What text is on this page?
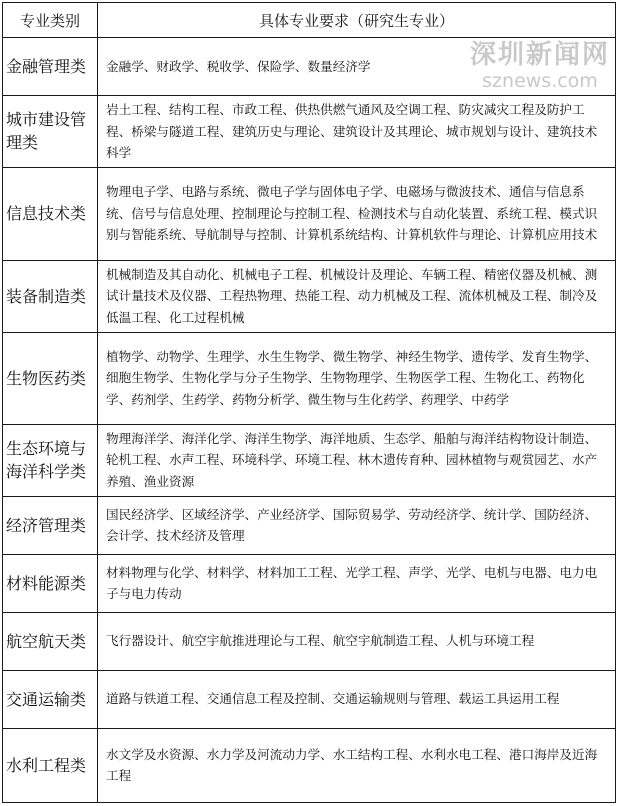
专业类别	具体专业要求（研究生专业）
金融管理类	金融学、财政学、税收学、保险学、数量经济学
城市建设管理类	岩土工程、结构工程、市政工程、供热供燃气通风及空调工程、防灾减灾工程及防护工程、桥梁与隧道工程、建筑历史与理论、建筑设计及其理论、城市规划与设计、建筑技术科学
信息技术类	物理电子学、电路与系统、微电子学与固体电子学、电磁场与微波技术、通信与信息系统、信号与信息处理、控制理论与控制工程、检测技术与自动化装置、系统工程、模式识别与智能系统、导航制导与控制、计算机系统结构、计算机软件与理论、计算机应用技术
装备制造类	机械制造及其自动化、机械电子工程、机械设计及理论、车辆工程、精密仪器及机械、测试计量技术及仪器、工程热物理、热能工程、动力机械及工程、流体机械及工程、制冷及低温工程、化工过程机械
生物医药类	植物学、动物学、生理学、水生生物学、微生物学、神经生物学、遗传学、发育生物学、细胞生物学、生物化学与分子生物学、生物物理学、生物医学工程、生物化工、药物化学、药剂学、生药学、药物分析学、微生物与生化药学、药理学、中药学
生态环境与海洋科学类	物理海洋学、海洋化学、海洋生物学、海洋地质、生态学、船舶与海洋结构物设计制造、轮机工程、水声工程、环境科学、环境工程、林木遗传育种、园林植物与观赏园艺、水产养殖、渔业资源
经济管理类	国民经济学、区域经济学、产业经济学、国际贸易学、劳动经济学、统计学、国防经济、会计学、技术经济及管理
材料能源类	材料物理与化学、材料学、材料加工工程、光学工程、声学、光学、电机与电器、电力电子与电力传动
航空航天类	飞行器设计、航空宇航推进理论与工程、航空宇航制造工程、人机与环境工程
交通运输类	道路与铁道工程、交通信息工程及控制、交通运输规则与管理、载运工具运用工程
水利工程类	水文学及水资源、水力学及河流动力学、水工结构工程、水利水电工程、港口海岸及近海工程
深圳新闻网
sznews.com
